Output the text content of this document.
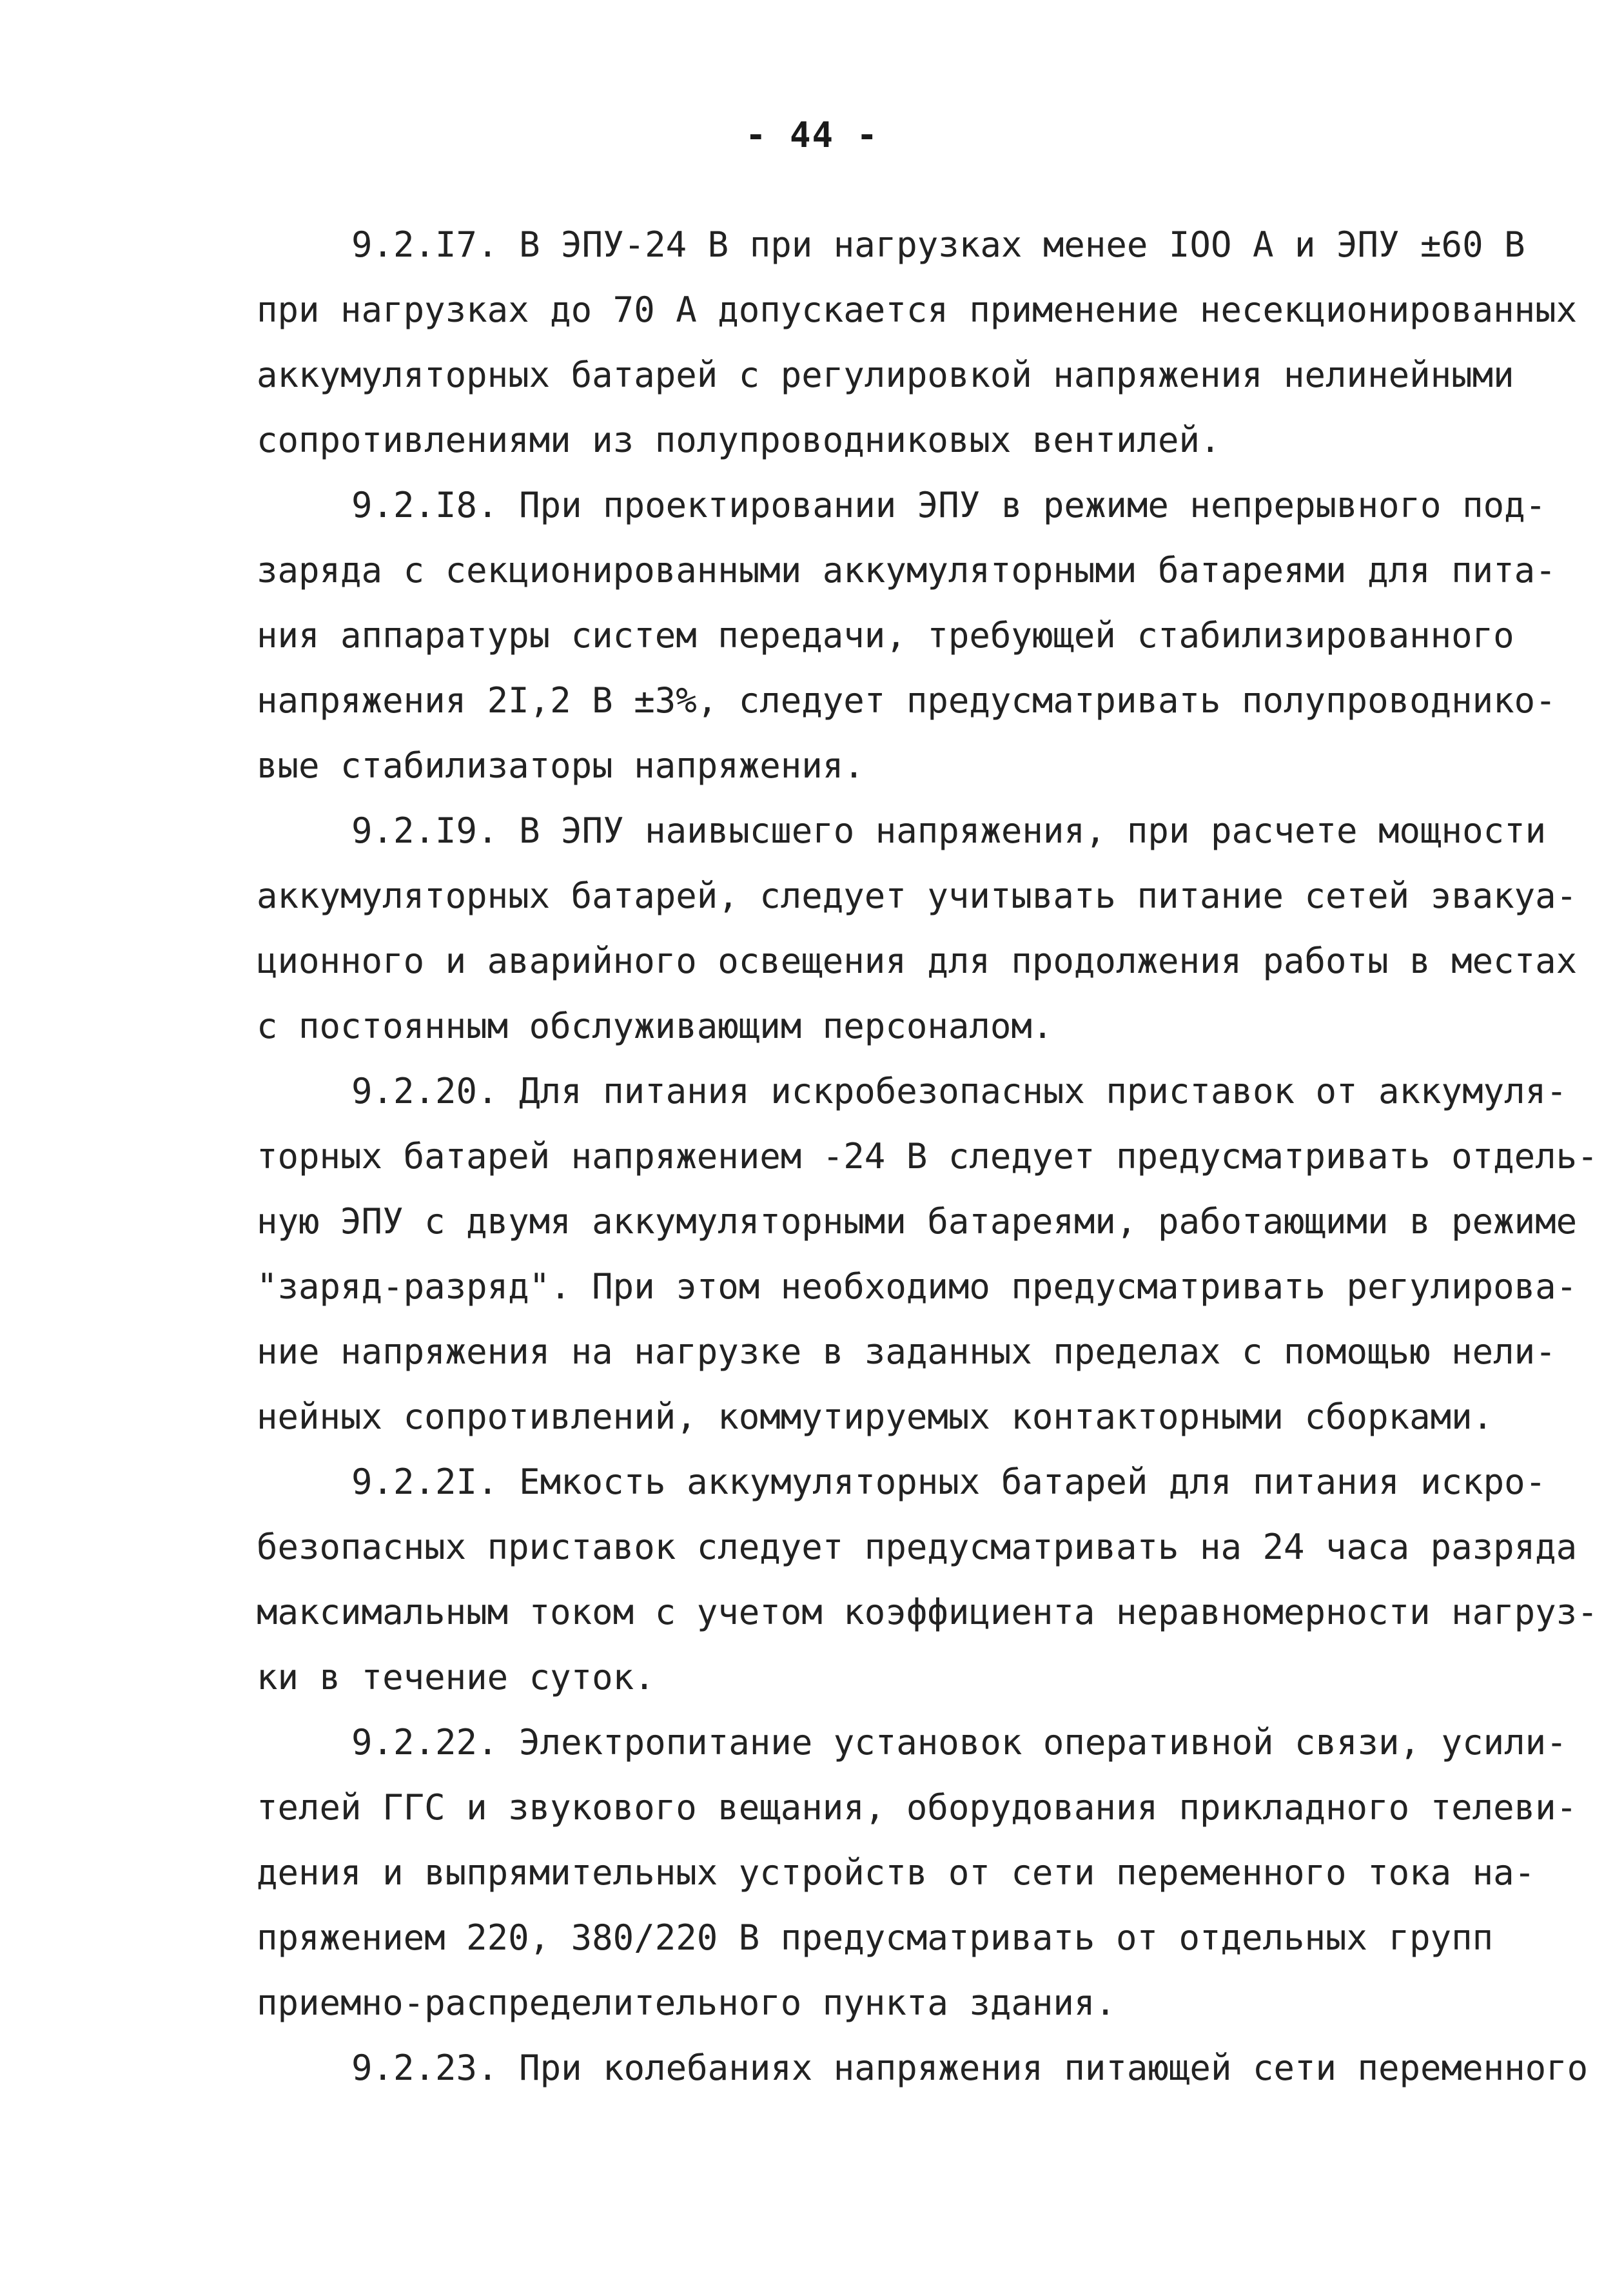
- 44 -
9.2.I7. В ЭПУ-24 В при нагрузках менее IOO A и ЭПУ ±60 В
при нагрузках до 70 А допускается применение несекционированных
аккумуляторных батарей с регулировкой напряжения нелинейными
сопротивлениями из полупроводниковых вентилей.
9.2.I8. При проектировании ЭПУ в режиме непрерывного под-
заряда с секционированными аккумуляторными батареями для пита-
ния аппаратуры систем передачи, требующей стабилизированного
напряжения 2I,2 В ±3%, следует предусматривать полупроводнико-
вые стабилизаторы напряжения.
9.2.I9. В ЭПУ наивысшего напряжения, при расчете мощности
аккумуляторных батарей, следует учитывать питание сетей эвакуа-
ционного и аварийного освещения для продолжения работы в местах
с постоянным обслуживающим персоналом.
9.2.20. Для питания искробезопасных приставок от аккумуля-
торных батарей напряжением -24 В следует предусматривать отдель-
ную ЭПУ с двумя аккумуляторными батареями, работающими в режиме
"заряд-разряд". При этом необходимо предусматривать регулирова-
ние напряжения на нагрузке в заданных пределах с помощью нели-
нейных сопротивлений, коммутируемых контакторными сборками.
9.2.2I. Емкость аккумуляторных батарей для питания искро-
безопасных приставок следует предусматривать на 24 часа разряда
максимальным током с учетом коэффициента неравномерности нагруз-
ки в течение суток.
9.2.22. Электропитание установок оперативной связи, усили-
телей ГГС и звукового вещания, оборудования прикладного телеви-
дения и выпрямительных устройств от сети переменного тока на-
пряжением 220, 380/220 В предусматривать от отдельных групп
приемно-распределительного пункта здания.
9.2.23. При колебаниях напряжения питающей сети переменного
